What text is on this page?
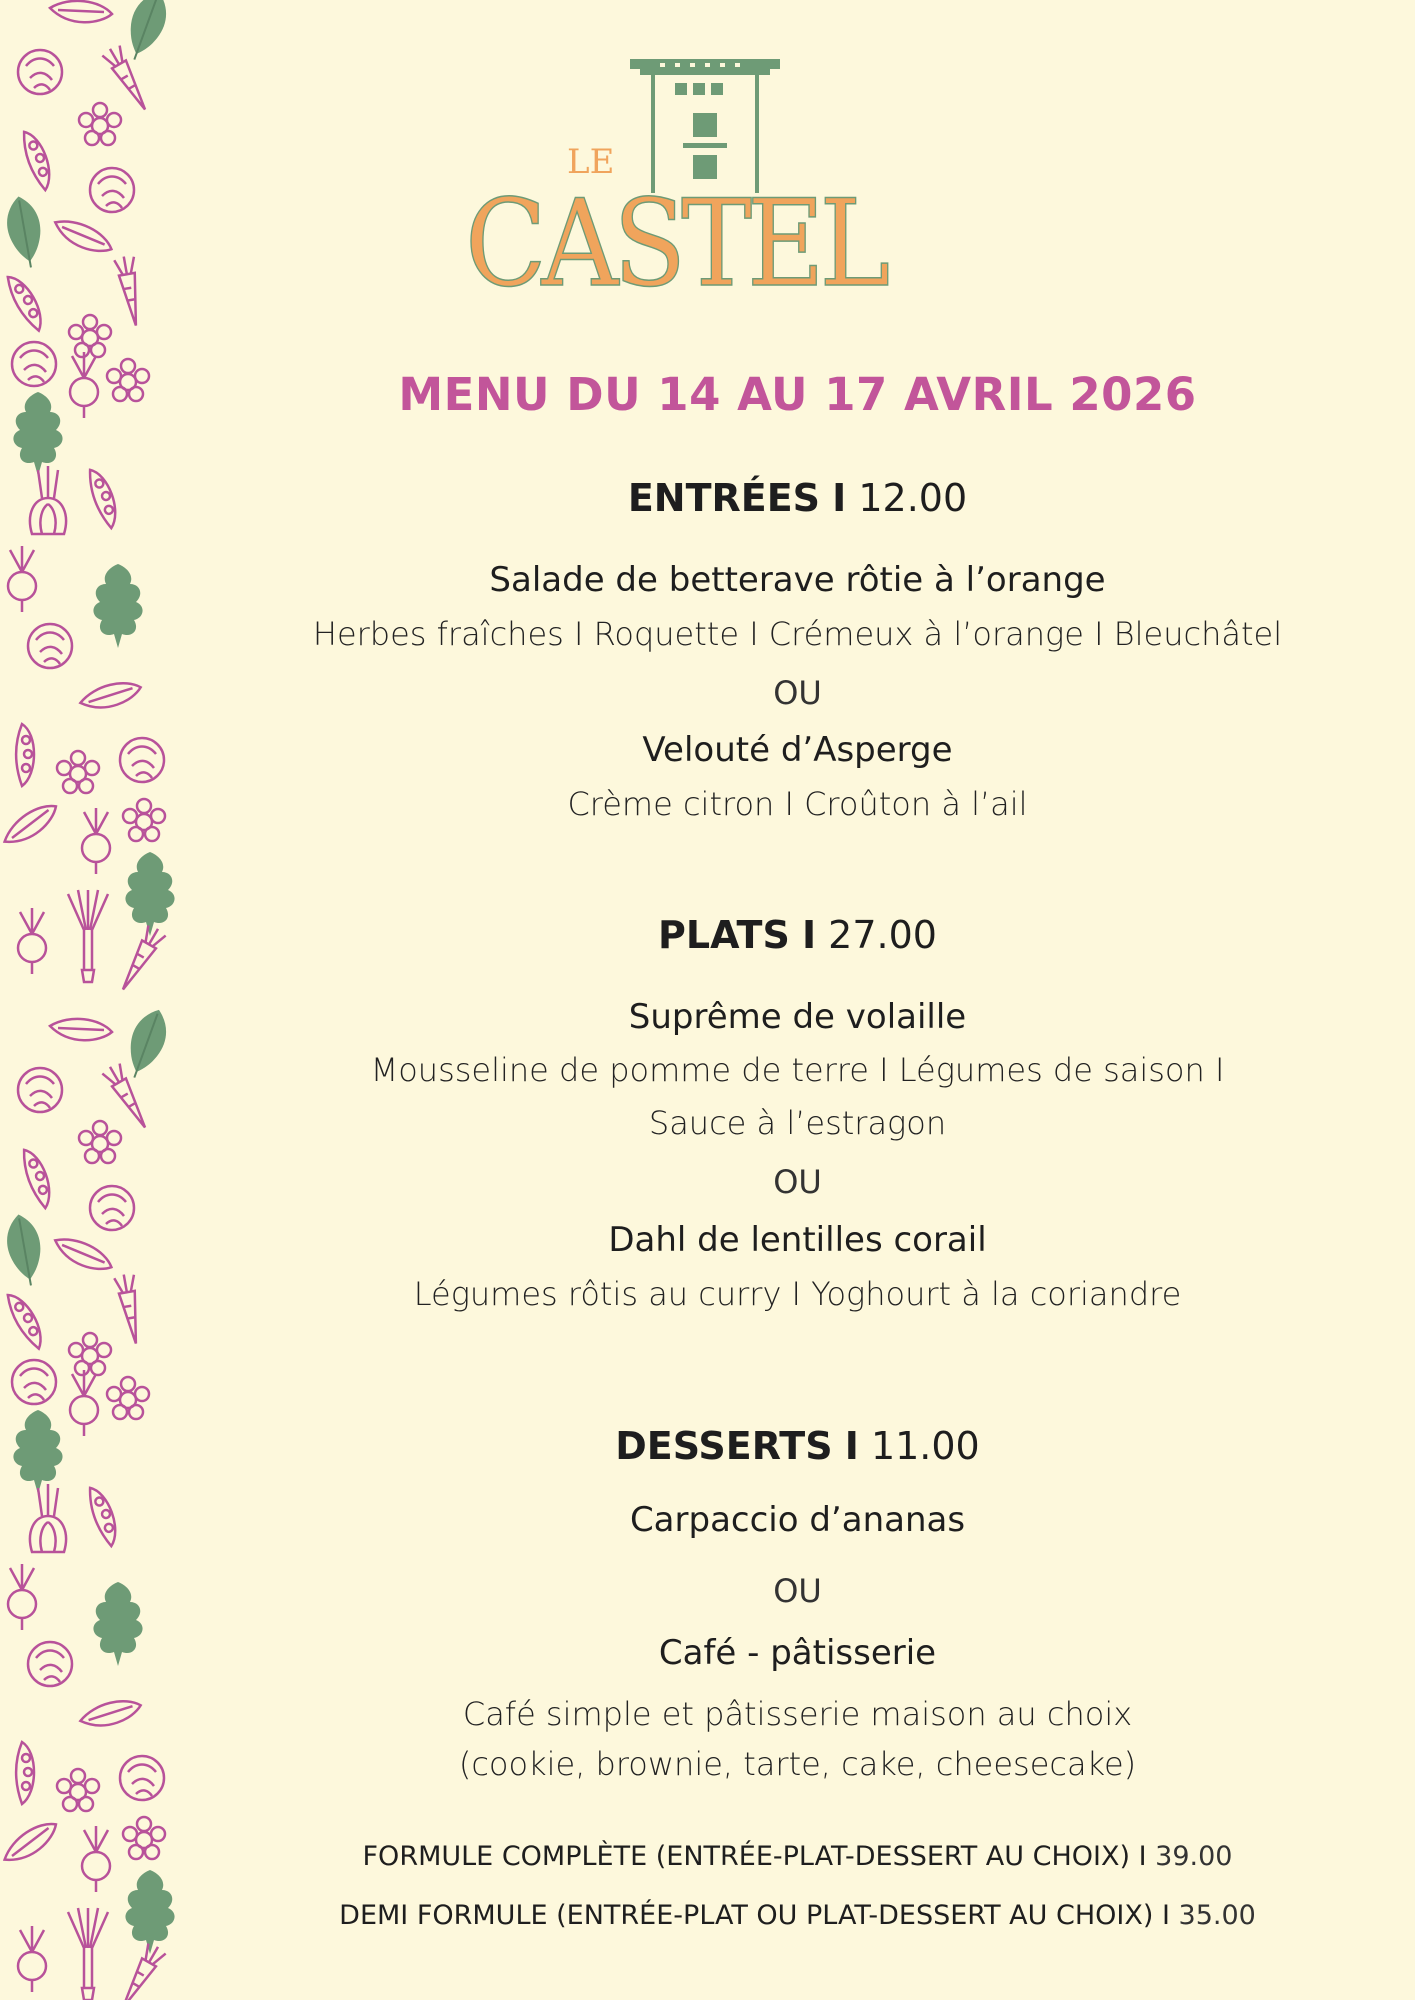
LE
CASTEL
MENU DU 14 AU 17 AVRIL 2026
ENTRÉES I 12.00
Salade de betterave rôtie à l’orange
Herbes fraîches I Roquette I Crémeux à l’orange I Bleuchâtel
OU
Velouté d’Asperge
Crème citron I Croûton à l’ail
PLATS I 27.00
Suprême de volaille
Mousseline de pomme de terre I Légumes de saison I
Sauce à l’estragon
OU
Dahl de lentilles corail
Légumes rôtis au curry I Yoghourt à la coriandre
DESSERTS I 11.00
Carpaccio d’ananas
OU
Café - pâtisserie
Café simple et pâtisserie maison au choix
(cookie, brownie, tarte, cake, cheesecake)
FORMULE COMPLÈTE (ENTRÉE-PLAT-DESSERT AU CHOIX) I 39.00
DEMI FORMULE (ENTRÉE-PLAT OU PLAT-DESSERT AU CHOIX) I 35.00
